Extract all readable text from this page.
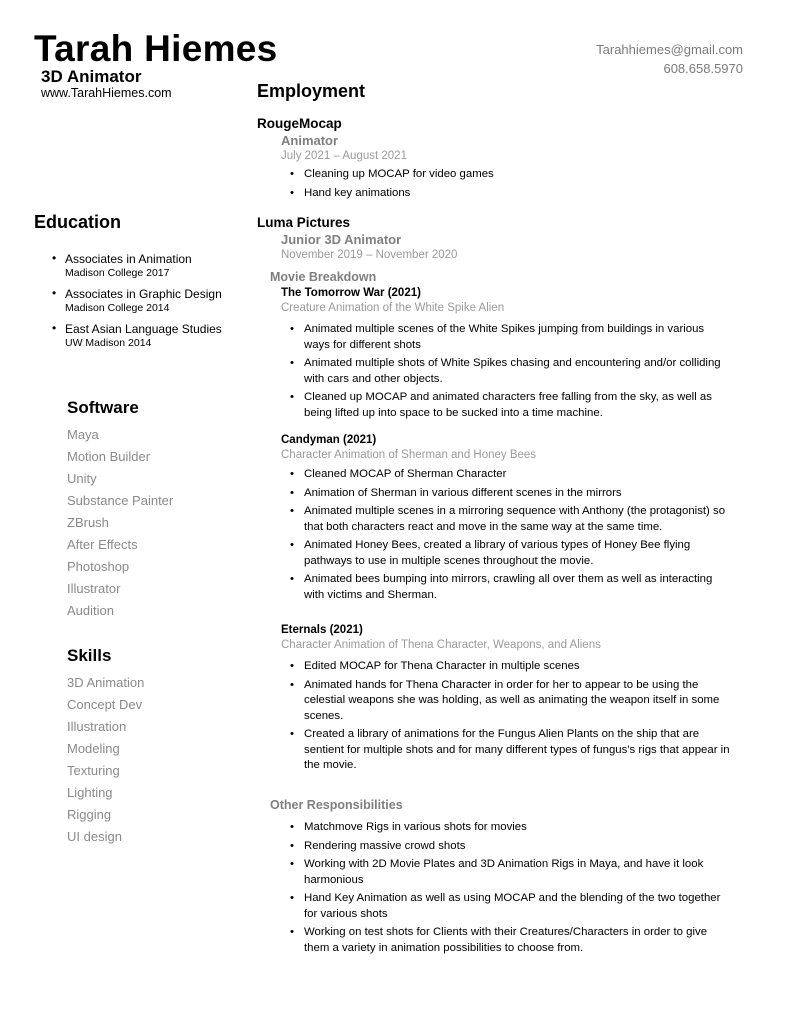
Tarah Hiemes
3D Animator
www.TarahHiemes.com
Tarahhiemes@gmail.com
608.658.5970
Education
• Associates in Animation
Madison College 2017
• Associates in Graphic Design
Madison College 2014
• East Asian Language Studies
UW Madison 2014
Software
Maya
Motion Builder
Unity
Substance Painter
ZBrush
After Effects
Photoshop
Illustrator
Audition
Skills
3D Animation
Concept Dev
Illustration
Modeling
Texturing
Lighting
Rigging
UI design
Employment
RougeMocap
Animator
July 2021 – August 2021
• Cleaning up MOCAP for video games
• Hand key animations
Luma Pictures
Junior 3D Animator
November 2019 – November 2020
Movie Breakdown
The Tomorrow War (2021)
Creature Animation of the White Spike Alien
• Animated multiple scenes of the White Spikes jumping from buildings in various ways for different shots
• Animated multiple shots of White Spikes chasing and encountering and/or colliding with cars and other objects.
• Cleaned up MOCAP and animated characters free falling from the sky, as well as being lifted up into space to be sucked into a time machine.
Candyman (2021)
Character Animation of Sherman and Honey Bees
• Cleaned MOCAP of Sherman Character
• Animation of Sherman in various different scenes in the mirrors
• Animated multiple scenes in a mirroring sequence with Anthony (the protagonist) so that both characters react and move in the same way at the same time.
• Animated Honey Bees, created a library of various types of Honey Bee flying pathways to use in multiple scenes throughout the movie.
• Animated bees bumping into mirrors, crawling all over them as well as interacting with victims and Sherman.
Eternals (2021)
Character Animation of Thena Character, Weapons, and Aliens
• Edited MOCAP for Thena Character in multiple scenes
• Animated hands for Thena Character in order for her to appear to be using the celestial weapons she was holding, as well as animating the weapon itself in some scenes.
• Created a library of animations for the Fungus Alien Plants on the ship that are sentient for multiple shots and for many different types of fungus's rigs that appear in the movie.
Other Responsibilities
• Matchmove Rigs in various shots for movies
• Rendering massive crowd shots
• Working with 2D Movie Plates and 3D Animation Rigs in Maya, and have it look harmonious
• Hand Key Animation as well as using MOCAP and the blending of the two together for various shots
• Working on test shots for Clients with their Creatures/Characters in order to give them a variety in animation possibilities to choose from.
